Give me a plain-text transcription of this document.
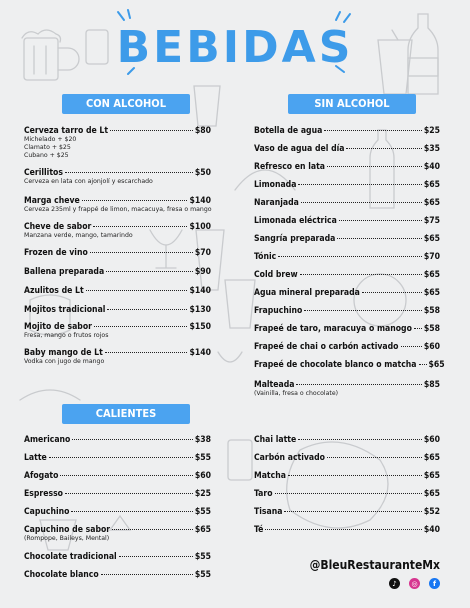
BEBIDAS
CON ALCOHOL	SIN ALCOHOL
CALIENTES
Cerveza tarro de Lt	$80
Michelado + $20
Clamato + $25
Cubano + $25
Cerillitos	$50
Cerveza en lata con ajonjolí y escarchado
Marga cheve	$140
Cerveza 235ml y frappé de limon, macacuya, fresa o mango
Cheve de sabor	$100
Manzana verde, mango, tamarindo
Frozen de vino	$70
Ballena preparada	$90
Azulitos de Lt	$140
Mojitos tradicional	$130
Mojito de sabor	$150
Fresa, mango o frutos rojos
Baby mango de Lt	$140
Vodka con jugo de mango
Botella de agua	$25
Vaso de agua del día	$35
Refresco en lata	$40
Limonada	$65
Naranjada	$65
Limonada eléctrica	$75
Sangría preparada	$65
Tónic	$70
Cold brew	$65
Agua mineral preparada	$65
Frapuchino	$58
Frapeé de taro, maracuya o manogo $58
Frapeé de chai o carbón activado	$60
Frapeé de chocolate blanco o matcha $65
Malteada	$85
(Vainilla, fresa o chocolate)
Americano	$38
Latte	$55
Afogato	$60
Espresso	$25
Capuchino	$55
Capuchino de sabor	$65
(Rompope, Baileys, Mental)
Chocolate tradicional	$55
Chocolate blanco	$55
Chai latte	$60
Carbón activado	$65
Matcha	$65
Taro	$65
Tisana	$52
Té	$40
@BleuRestauranteMx
♪	◎	f
